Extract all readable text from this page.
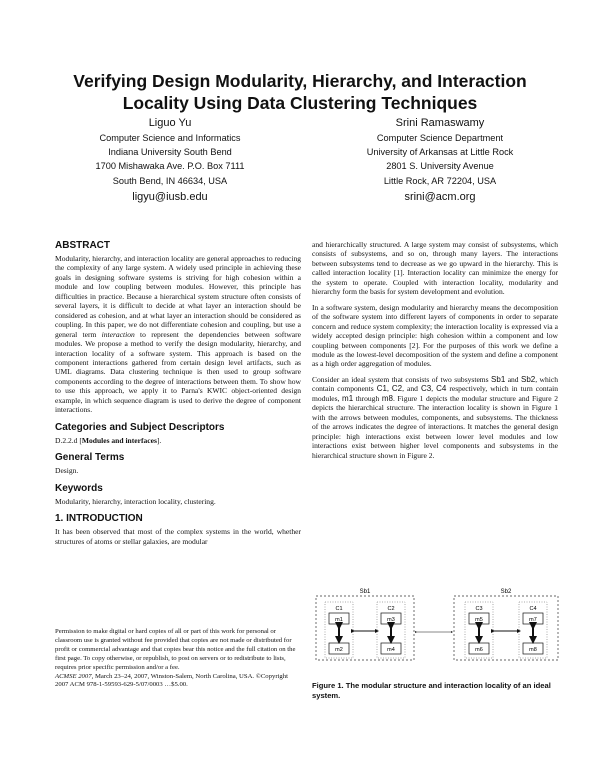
Verifying Design Modularity, Hierarchy, and Interaction Locality Using Data Clustering Techniques
Liguo Yu
Computer Science and Informatics
Indiana University South Bend
1700 Mishawaka Ave. P.O. Box 7111
South Bend, IN 46634, USA
ligyu@iusb.edu
Srini Ramaswamy
Computer Science Department
University of Arkansas at Little Rock
2801 S. University Avenue
Little Rock, AR 72204, USA
srini@acm.org
ABSTRACT

Modularity, hierarchy, and interaction locality are general approaches to reducing the complexity of any large system. A widely used principle in achieving these goals in designing software systems is striving for high cohesion within a module and low coupling between modules. However, this principle has difficulties in practice. Because a hierarchical system structure often consists of several layers, it is difficult to decide at what layer an interaction should be considered as cohesion, and at what layer an interaction should be considered as coupling. In this paper, we do not differentiate cohesion and coupling, but use a general term interaction to represent the dependencies between software modules. We propose a method to verify the design modularity, hierarchy, and interaction locality of a software system. This approach is based on the component interactions gathered from certain design level artifacts, such as UML diagrams. Data clustering technique is then used to group software components according to the degree of interactions between them. To show how to use this approach, we apply it to Parna's KWIC object-oriented design example, in which sequence diagram is used to derive the degree of component interactions.

Categories and Subject Descriptors

D.2.2.d [Modules and interfaces].

General Terms

Design.

Keywords

Modularity, hierarchy, interaction locality, clustering.

1. INTRODUCTION

It has been observed that most of the complex systems in the world, whether structures of atoms or stellar galaxies, are modular

Permission to make digital or hard copies of all or part of this work for personal or classroom use is granted without fee provided that copies are not made or distributed for profit or commercial advantage and that copies bear this notice and the full citation on the first page. To copy otherwise, or republish, to post on servers or to redistribute to lists, requires prior specific permission and/or a fee.
ACMSE 2007, March 23–24, 2007, Winston-Salem, North Carolina, USA. ©Copyright 2007 ACM 978-1-59593-629-5/07/0003 …$5.00.

and hierarchically structured. A large system may consist of subsystems, which consists of subsystems, and so on, through many layers. The interactions between subsystems tend to decrease as we go upward in the hierarchy. This is called interaction locality [1]. Interaction locality can minimize the energy for the system to operate. Coupled with interaction locality, modularity and hierarchy form the basis for system development and evolution.

In a software system, design modularity and hierarchy means the decomposition of the software system into different layers of components in order to separate concern and reduce system complexity; the interaction locality is expressed via a widely accepted design principle: high cohesion within a component and low coupling between components [2]. For the purposes of this work we define a module as the lowest-level decomposition of the system and define a component as a high order aggregation of modules.

Consider an ideal system that consists of two subsystems Sb1 and Sb2, which contain components C1, C2, and C3, C4 respectively, which in turn contain modules, m1 through m8. Figure 1 depicts the modular structure and Figure 2 depicts the hierarchical structure. The interaction locality is shown in Figure 1 with the arrows between modules, components, and subsystems. The thickness of the arrows indicates the degree of interactions. It matches the general design principle: high interactions exist between lower level modules and low interactions exist between higher level components and subsystems in the hierarchical structure shown in Figure 2.

Sb1	Sb2
C1
m1
m2
C2
m3
m4
C3
m5
m6
C4
m7
m8
Figure 1. The modular structure and interaction locality of an ideal system.
